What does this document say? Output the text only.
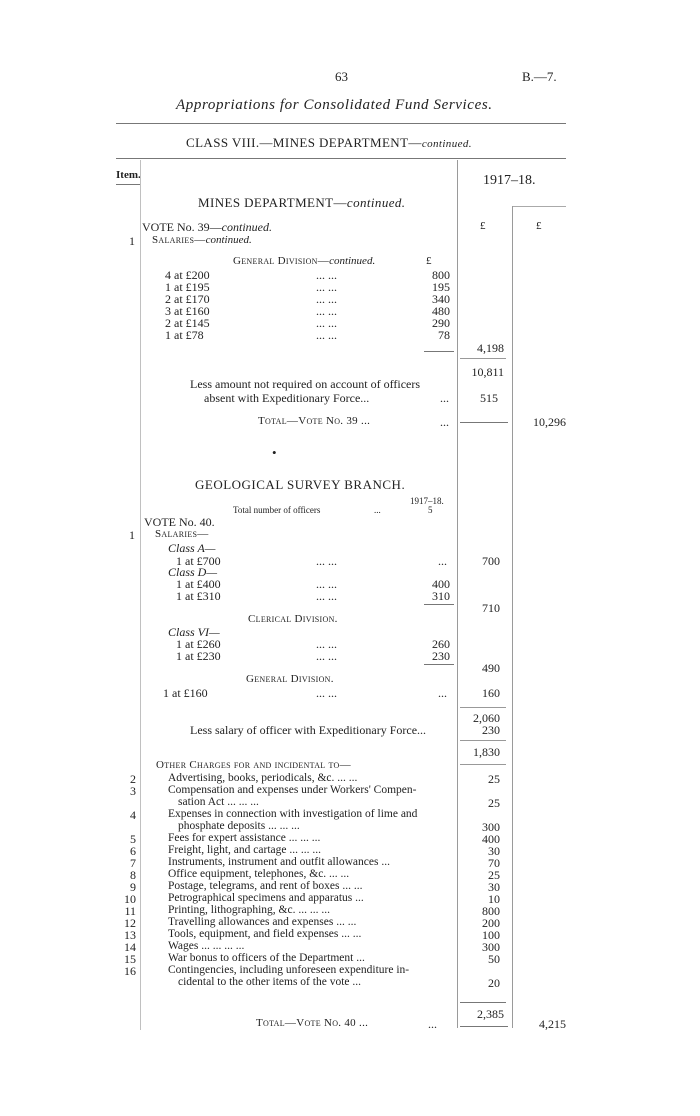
63	B.—7.
Appropriations for Consolidated Fund Services.
CLASS VIII.—MINES DEPARTMENT—continued.
Item.	1917–18.
MINES DEPARTMENT—continued.
VOTE No. 39—continued.	£	£
1 Salaries—continued.
General Division—continued.	£
4 at £200	... ...	800
1 at £195	... ...	195
2 at £170	... ...	340
3 at £160	... ...	480
2 at £145	... ...	290
1 at £78	... ...	78
4,198
10,811
Less amount not required on account of officers
absent with Expeditionary Force...	...	515
Total—Vote No. 39 ...	...	10,296
•
GEOLOGICAL SURVEY BRANCH.
1917–18.
Total number of officers	...	5
VOTE No. 40.
1 Salaries—
Class A—
1 at £700	... ...	...	700
Class D—
1 at £400	... ...	400
1 at £310	... ...	310
710
Clerical Division.
Class VI—
1 at £260	... ...	260
1 at £230	... ...	230
490
General Division.
1 at £160	... ...	...	160
2,060
Less salary of officer with Expeditionary Force...	230
1,830
Other Charges for and incidental to—
2	Advertising, books, periodicals, &c. ... ...	25
3	Compensation and expenses under Workers' Compen-
sation Act ... ... ...	25
4	Expenses in connection with investigation of lime and
phosphate deposits ... ... ...	300
5	Fees for expert assistance ... ... ...	400
6	Freight, light, and cartage ... ... ...	30
7	Instruments, instrument and outfit allowances ...	70
8	Office equipment, telephones, &c. ... ...	25
9	Postage, telegrams, and rent of boxes ... ...	30
10	Petrographical specimens and apparatus ...	10
11	Printing, lithographing, &c. ... ... ...	800
12	Travelling allowances and expenses ... ...	200
13	Tools, equipment, and field expenses ... ...	100
14	Wages ... ... ... ...	300
15	War bonus to officers of the Department ...	50
16	Contingencies, including unforeseen expenditure in-
cidental to the other items of the vote ...	20
2,385
Total—Vote No. 40 ...	...	4,215
